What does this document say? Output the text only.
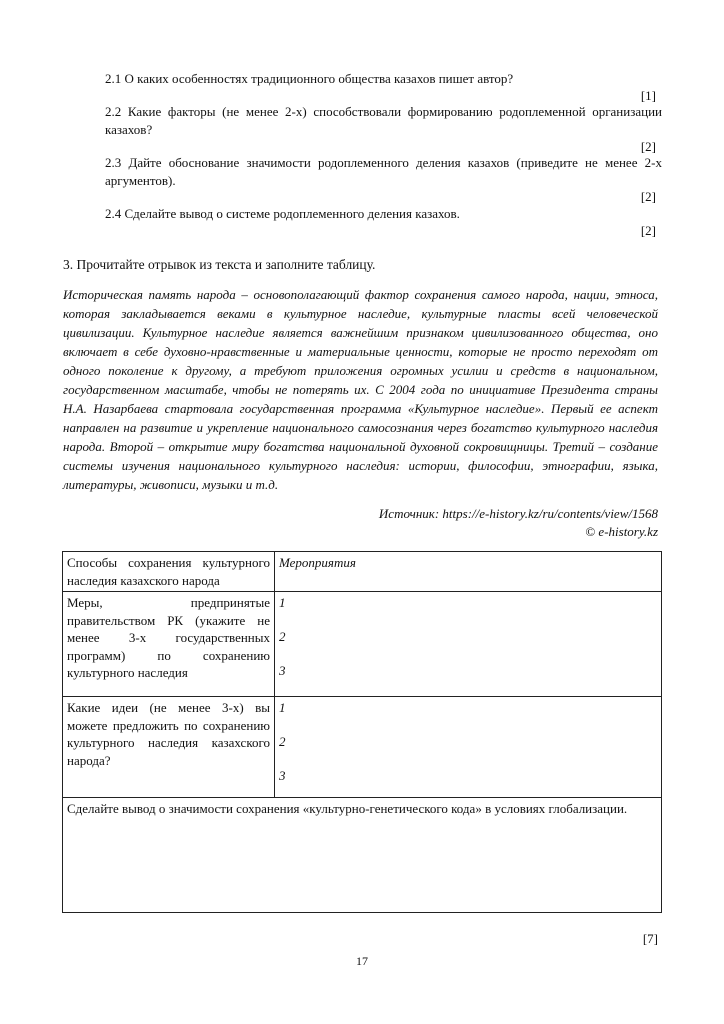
2.1 О каких особенностях традиционного общества казахов пишет автор?
[1]
2.2 Какие факторы (не менее 2-х) способствовали формированию родоплеменной организации казахов?
[2]
2.3 Дайте обоснование значимости родоплеменного деления казахов (приведите не менее 2-х аргументов).
[2]
2.4 Сделайте вывод о системе родоплеменного деления казахов.
[2]
3. Прочитайте отрывок из текста и заполните таблицу.
Историческая память народа – основополагающий фактор сохранения самого народа, нации, этноса, которая закладывается веками в культурное наследие, культурные пласты всей человеческой цивилизации. Культурное наследие является важнейшим признаком цивилизованного общества, оно включает в себе духовно-нравственные и материальные ценности, которые не просто переходят от одного поколение к другому, а требуют приложения огромных усилии и средств в национальном, государственном масштабе, чтобы не потерять их. С 2004 года по инициативе Президента страны Н.А. Назарбаева стартовала государственная программа «Культурное наследие». Первый ее аспект направлен на развитие и укрепление национального самосознания через богатство культурного наследия народа. Второй – открытие миру богатства национальной духовной сокровищницы. Третий – создание системы изучения национального культурного наследия: истории, философии, этнографии, языка, литературы, живописи, музыки и т.д.
Источник: https://e-history.kz/ru/contents/view/1568
© e-history.kz
Способы сохранения культурного наследия казахского народа	Мероприятия
Меры, предпринятые правительством РК (укажите не менее 3-х государственных программ) по сохранению культурного наследия	1
2
3

Какие идеи (не менее 3-х) вы можете предложить по сохранению культурного наследия казахского народа?	1
2
3

Сделайте вывод о значимости сохранения «культурно-генетического кода» в условиях глобализации.	
[7]
17
